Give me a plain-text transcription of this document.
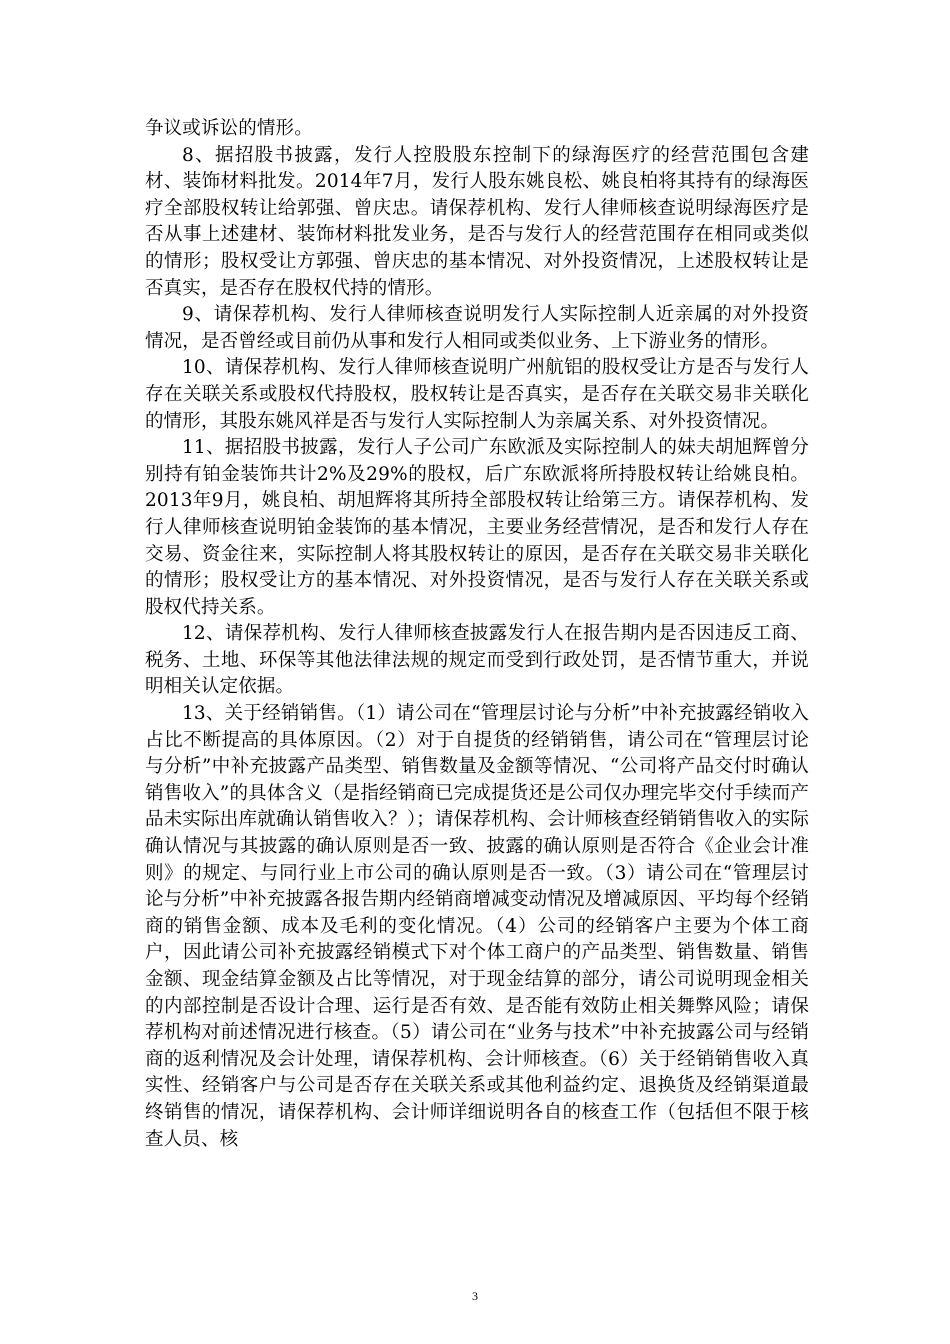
争议或诉讼的情形。

8、据招股书披露，发行人控股股东控制下的绿海医疗的经营范围包含建材、装饰材料批发。2014年7月，发行人股东姚良松、姚良柏将其持有的绿海医疗全部股权转让给郭强、曾庆忠。请保荐机构、发行人律师核查说明绿海医疗是否从事上述建材、装饰材料批发业务，是否与发行人的经营范围存在相同或类似的情形；股权受让方郭强、曾庆忠的基本情况、对外投资情况，上述股权转让是否真实，是否存在股权代持的情形。

9、请保荐机构、发行人律师核查说明发行人实际控制人近亲属的对外投资情况，是否曾经或目前仍从事和发行人相同或类似业务、上下游业务的情形。

10、请保荐机构、发行人律师核查说明广州航铝的股权受让方是否与发行人存在关联关系或股权代持股权，股权转让是否真实，是否存在关联交易非关联化的情形，其股东姚风祥是否与发行人实际控制人为亲属关系、对外投资情况。

11、据招股书披露，发行人子公司广东欧派及实际控制人的妹夫胡旭辉曾分别持有铂金装饰共计2%及29%的股权，后广东欧派将所持股权转让给姚良柏。2013年9月，姚良柏、胡旭辉将其所持全部股权转让给第三方。请保荐机构、发行人律师核查说明铂金装饰的基本情况，主要业务经营情况，是否和发行人存在交易、资金往来，实际控制人将其股权转让的原因，是否存在关联交易非关联化的情形；股权受让方的基本情况、对外投资情况，是否与发行人存在关联关系或股权代持关系。

12、请保荐机构、发行人律师核查披露发行人在报告期内是否因违反工商、税务、土地、环保等其他法律法规的规定而受到行政处罚，是否情节重大，并说明相关认定依据。

13、关于经销销售。（1）请公司在“管理层讨论与分析”中补充披露经销收入占比不断提高的具体原因。（2）对于自提货的经销销售，请公司在“管理层讨论与分析”中补充披露产品类型、销售数量及金额等情况、“公司将产品交付时确认销售收入”的具体含义（是指经销商已完成提货还是公司仅办理完毕交付手续而产品未实际出库就确认销售收入？）；请保荐机构、会计师核查经销销售收入的实际确认情况与其披露的确认原则是否一致、披露的确认原则是否符合《企业会计准则》的规定、与同行业上市公司的确认原则是否一致。（3）请公司在“管理层讨论与分析”中补充披露各报告期内经销商增减变动情况及增减原因、平均每个经销商的销售金额、成本及毛利的变化情况。（4）公司的经销客户主要为个体工商户，因此请公司补充披露经销模式下对个体工商户的产品类型、销售数量、销售金额、现金结算金额及占比等情况，对于现金结算的部分，请公司说明现金相关的内部控制是否设计合理、运行是否有效、是否能有效防止相关舞弊风险；请保荐机构对前述情况进行核查。（5）请公司在“业务与技术”中补充披露公司与经销商的返利情况及会计处理，请保荐机构、会计师核查。（6）关于经销销售收入真实性、经销客户与公司是否存在关联关系或其他利益约定、退换货及经销渠道最终销售的情况，请保荐机构、会计师详细说明各自的核查工作（包括但不限于核查人员、核

3
